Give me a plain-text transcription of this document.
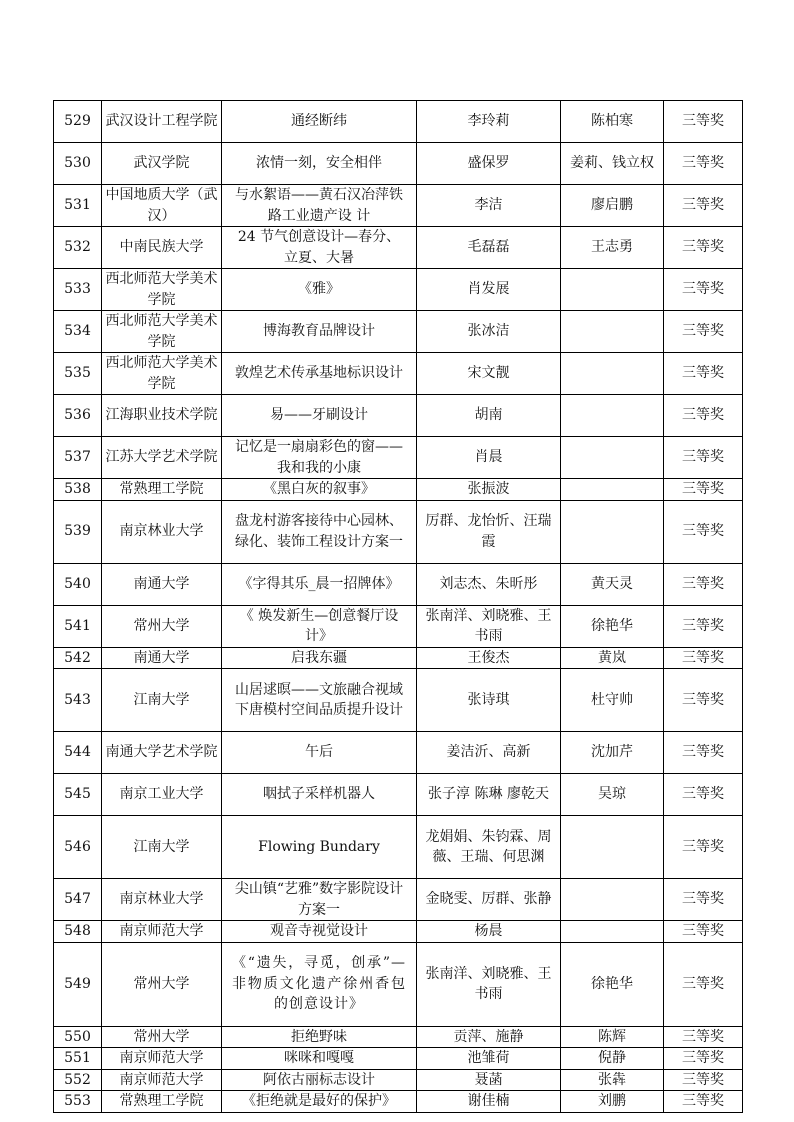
529	武汉设计工程学院	通经断纬	李玲莉	陈柏寒	三等奖
530	武汉学院	浓情一刻，安全相伴	盛保罗	姜莉、钱立权	三等奖
531	中国地质大学（武汉）	与水絮语——黄石汉冶萍铁路工业遗产设 计	李洁	廖启鹏	三等奖
532	中南民族大学	24 节气创意设计—春分、立夏、大暑	毛磊磊	王志勇	三等奖
533	西北师范大学美术学院	《雅》	肖发展		三等奖
534	西北师范大学美术学院	博海教育品牌设计	张冰洁		三等奖
535	西北师范大学美术学院	敦煌艺术传承基地标识设计	宋文靓		三等奖
536	江海职业技术学院	易——牙刷设计	胡南		三等奖
537	江苏大学艺术学院	记忆是一扇扇彩色的窗——我和我的小康	肖晨		三等奖
538	常熟理工学院	《黑白灰的叙事》	张振波		三等奖
539	南京林业大学	盘龙村游客接待中心园林、绿化、装饰工程设计方案一	厉群、龙怡忻、汪瑞霞		三等奖
540	南通大学	《字得其乐_晨一招牌体》	刘志杰、朱昕彤	黄天灵	三等奖
541	常州大学	《 焕发新生—创意餐厅设计》	张南洋、刘晓雅、王书雨	徐艳华	三等奖
542	南通大学	启我东疆	王俊杰	黄岚	三等奖
543	江南大学	山居逑暝——文旅融合视域下唐模村空间品质提升设计	张诗琪	杜守帅	三等奖
544	南通大学艺术学院	午后	姜洁沂、高新	沈加芹	三等奖
545	南京工业大学	咽拭子采样机器人	张子淳 陈琳 廖乾天	吴琼	三等奖
546	江南大学	Flowing Bundary	龙娟娟、朱钧霖、周薇、王瑞、何思渊		三等奖
547	南京林业大学	尖山镇“艺雅”数字影院设计方案一	金晓雯、厉群、张静		三等奖
548	南京师范大学	观音寺视觉设计	杨晨		三等奖
549	常州大学	《“遗失，寻觅，创承”—非物质文化遗产徐州香包的创意设计》	张南洋、刘晓雅、王书雨	徐艳华	三等奖
550	常州大学	拒绝野味	贡萍、施静	陈辉	三等奖
551	南京师范大学	咪咪和嘎嘎	池雏荷	倪静	三等奖
552	南京师范大学	阿依古丽标志设计	聂菡	张犇	三等奖
553	常熟理工学院	《拒绝就是最好的保护》	谢佳楠	刘鹏	三等奖
